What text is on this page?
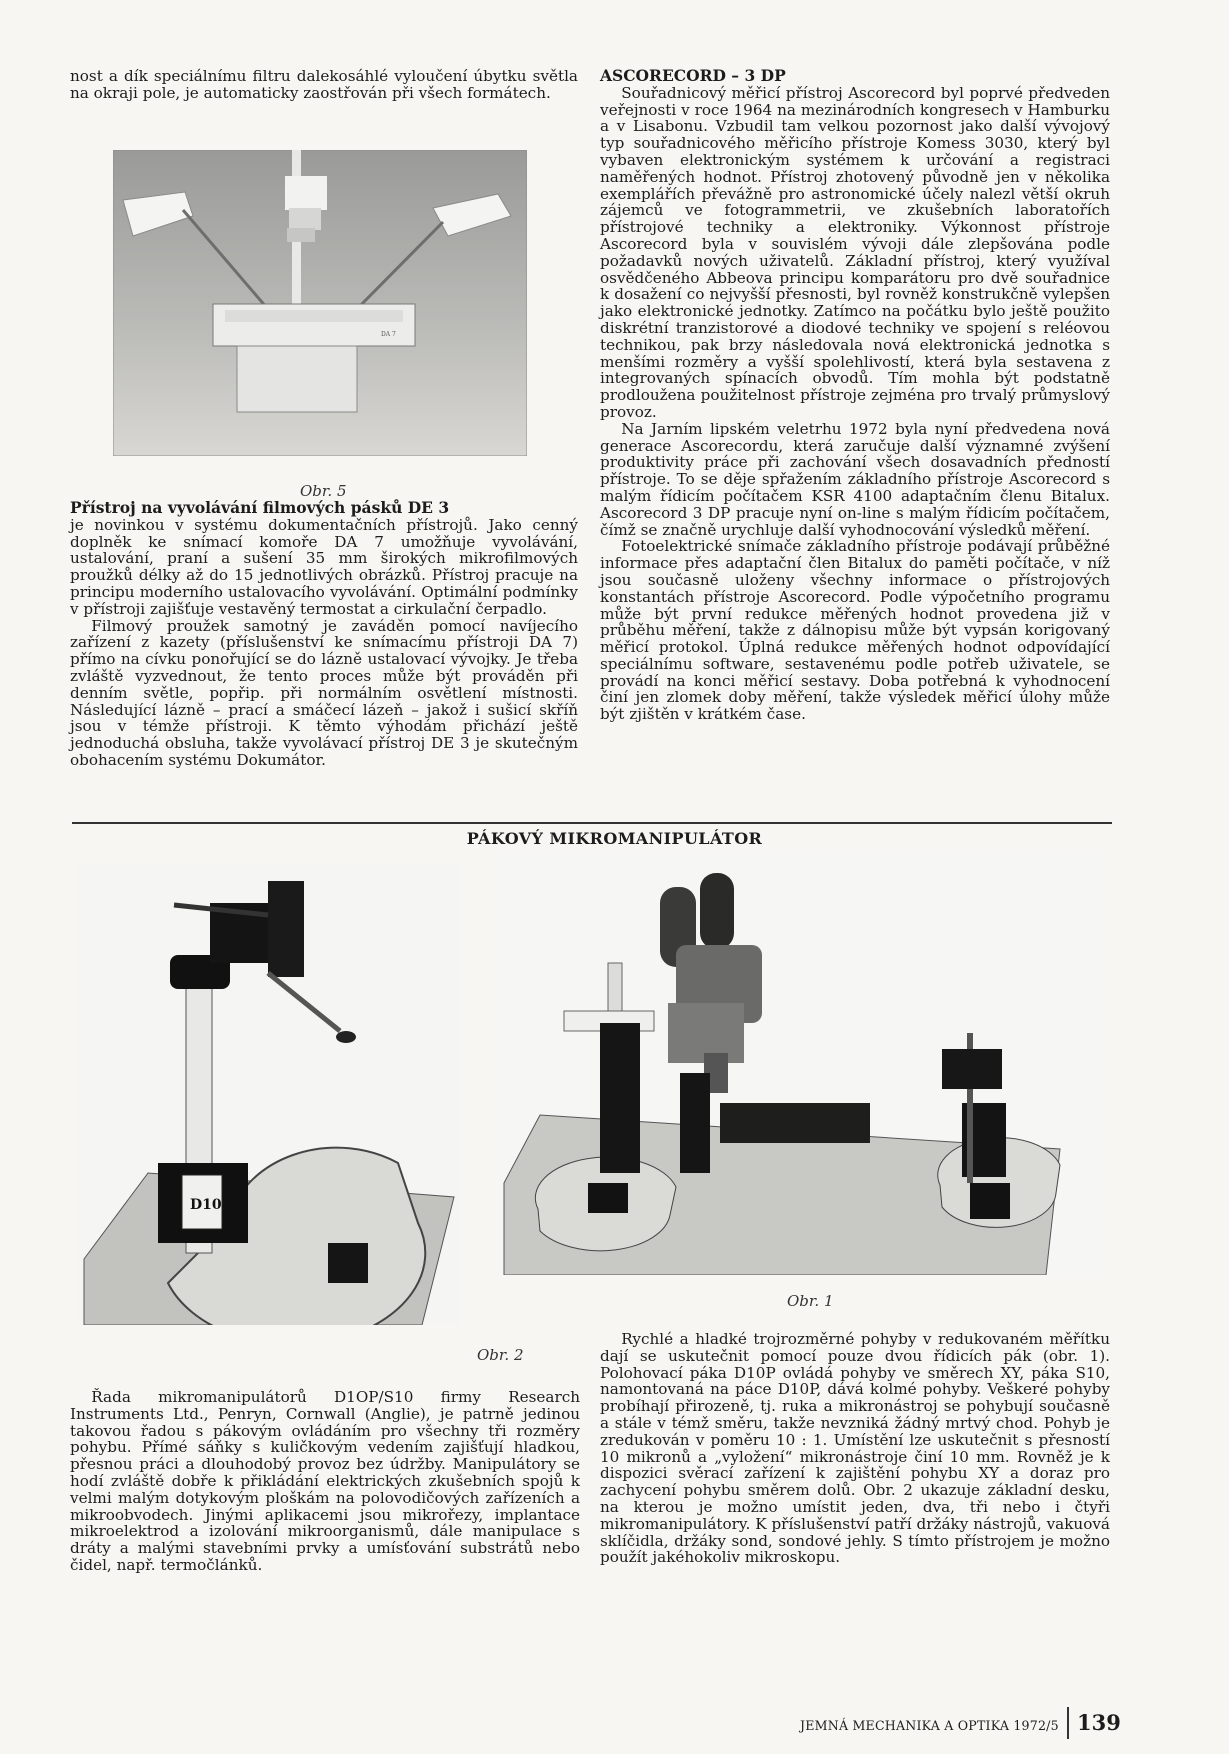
nost a dík speciálnímu filtru dalekosáhlé vyloučení úbytku světla na okraji pole, je automaticky zaostřován při všech formátech.

DA 7
Obr. 5

Přístroj na vyvolávání filmových pásků DE 3

je novinkou v systému dokumentačních přístrojů. Jako cenný doplněk ke snímací komoře DA 7 umožňuje vyvolávání, ustalování, praní a sušení 35 mm širokých mikrofilmových proužků délky až do 15 jednotlivých obrázků. Přístroj pracuje na principu moderního ustalovacího vyvolávání. Optimální podmínky v přístroji zajišťuje vestavěný termostat a cirkulační čerpadlo.

Filmový proužek samotný je zaváděn pomocí navíjecího zařízení z kazety (příslušenství ke snímacímu přístroji DA 7) přímo na cívku ponořující se do lázně ustalovací vývojky. Je třeba zvláště vyzvednout, že tento proces může být prováděn při denním světle, popřip. při normálním osvětlení místnosti. Následující lázně – prací a smáčecí lázeň – jakož i sušicí skříň jsou v témže přístroji. K těmto výhodám přichází ještě jednoduchá obsluha, takže vyvolávací přístroj DE 3 je skutečným obohacením systému Dokumátor.

ASCORECORD – 3 DP

Souřadnicový měřicí přístroj Ascorecord byl poprvé předveden veřejnosti v roce 1964 na mezinárodních kongresech v Hamburku a v Lisabonu. Vzbudil tam velkou pozornost jako další vývojový typ souřadnicového měřicího přístroje Komess 3030, který byl vybaven elektronickým systémem k určování a registraci naměřených hodnot. Přístroj zhotovený původně jen v několika exemplářích převážně pro astronomické účely nalezl větší okruh zájemců ve fotogrammetrii, ve zkušebních laboratořích přístrojové techniky a elektroniky. Výkonnost přístroje Ascorecord byla v souvislém vývoji dále zlepšována podle požadavků nových uživatelů. Základní přístroj, který využíval osvědčeného Abbeova principu komparátoru pro dvě souřadnice k dosažení co nejvyšší přesnosti, byl rovněž konstrukčně vylepšen jako elektronické jednotky. Zatímco na počátku bylo ještě použito diskrétní tranzistorové a diodové techniky ve spojení s reléovou technikou, pak brzy následovala nová elektronická jednotka s menšími rozměry a vyšší spolehlivostí, která byla sestavena z integrovaných spínacích obvodů. Tím mohla být podstatně prodloužena použitelnost přístroje zejména pro trvalý průmyslový provoz.

Na Jarním lipském veletrhu 1972 byla nyní předvedena nová generace Ascorecordu, která zaručuje další významné zvýšení produktivity práce při zachování všech dosavadních předností přístroje. To se děje spřažením základního přístroje Ascorecord s malým řídicím počítačem KSR 4100 adaptačním členu Bitalux. Ascorecord 3 DP pracuje nyní on-line s malým řídicím počítačem, čímž se značně urychluje další vyhodnocování výsledků měření.

Fotoelektrické snímače základního přístroje podávají průběžné informace přes adaptační člen Bitalux do paměti počítače, v níž jsou současně uloženy všechny informace o přístrojových konstantách přístroje Ascorecord. Podle výpočetního programu může být první redukce měřených hodnot provedena již v průběhu měření, takže z dálnopisu může být vypsán korigovaný měřicí protokol. Úplná redukce měřených hodnot odpovídající speciálnímu software, sestavenému podle potřeb uživatele, se provádí na konci měřicí sestavy. Doba potřebná k vyhodnocení činí jen zlomek doby měření, takže výsledek měřicí úlohy může být zjištěn v krátkém čase.

PÁKOVÝ MIKROMANIPULÁTOR
D10
Obr. 2
Obr. 1

Řada mikromanipulátorů D1OP/S10 firmy Research Instruments Ltd., Penryn, Cornwall (Anglie), je patrně jedinou takovou řadou s pákovým ovládáním pro všechny tři rozměry pohybu. Přímé sáňky s kuličkovým vedením zajišťují hladkou, přesnou práci a dlouhodobý provoz bez údržby. Manipulátory se hodí zvláště dobře k přikládání elektrických zkušebních spojů k velmi malým dotykovým ploškám na polovodičových zařízeních a mikroobvodech. Jinými aplikacemi jsou mikrořezy, implantace mikroelektrod a izolování mikroorganismů, dále manipulace s dráty a malými stavebními prvky a umísťování substrátů nebo čidel, např. termočlánků.

Rychlé a hladké trojrozměrné pohyby v redukovaném měřítku dají se uskutečnit pomocí pouze dvou řídicích pák (obr. 1). Polohovací páka D10P ovládá pohyby ve směrech XY, páka S10, namontovaná na páce D10P, dává kolmé pohyby. Veškeré pohyby probíhají přirozeně, tj. ruka a mikronástroj se pohybují současně a stále v témž směru, takže nevzniká žádný mrtvý chod. Pohyb je zredukován v poměru 10 : 1. Umístění lze uskutečnit s přesností 10 mikronů a „vyložení“ mikronástroje činí 10 mm. Rovněž je k dispozici svěrací zařízení k zajištění pohybu XY a doraz pro zachycení pohybu směrem dolů. Obr. 2 ukazuje základní desku, na kterou je možno umístit jeden, dva, tři nebo i čtyři mikromanipulátory. K příslušenství patří držáky nástrojů, vakuová sklíčidla, držáky sond, sondové jehly. S tímto přístrojem je možno použít jakéhokoliv mikroskopu.

JEMNÁ MECHANIKA A OPTIKA 1972/5 139
